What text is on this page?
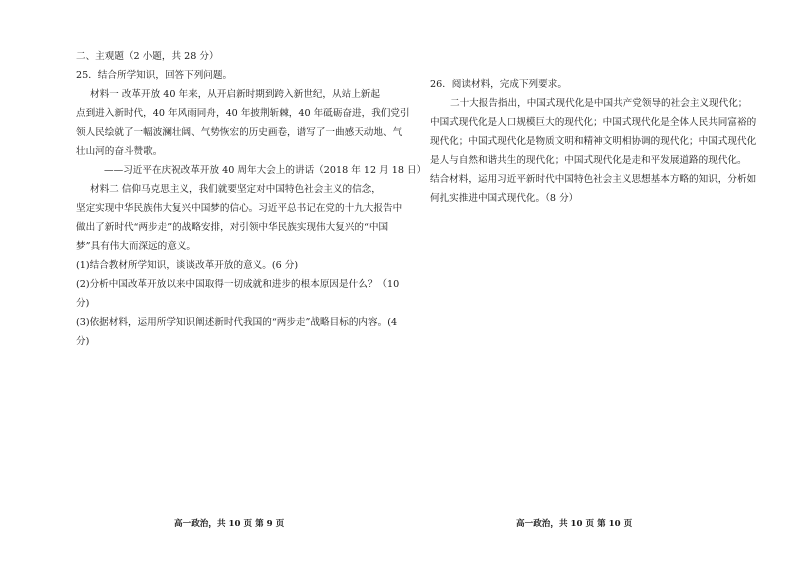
二、主观题（2 小题，共 28 分）
25．结合所学知识，回答下列问题。
材料一 改革开放 40 年来，从开启新时期到跨入新世纪，从站上新起
点到进入新时代，40 年风雨同舟，40 年披荆斩棘，40 年砥砺奋进，我们党引
领人民绘就了一幅波澜壮阔、气势恢宏的历史画卷，谱写了一曲感天动地、气
壮山河的奋斗赞歌。
——习近平在庆祝改革开放 40 周年大会上的讲话（2018 年 12 月 18 日）
材料二 信仰马克思主义，我们就要坚定对中国特色社会主义的信念，
坚定实现中华民族伟大复兴中国梦的信心。习近平总书记在党的十九大报告中
做出了新时代“两步走”的战略安排，对引领中华民族实现伟大复兴的“中国
梦”具有伟大而深远的意义。
(1)结合教材所学知识，谈谈改革开放的意义。(6 分)
(2)分析中国改革开放以来中国取得一切成就和进步的根本原因是什么？（10
分)
(3)依据材料，运用所学知识阐述新时代我国的“两步走”战略目标的内容。(4
分)
高一政治，共 10 页 第 9 页
26．阅读材料，完成下列要求。
二十大报告指出，中国式现代化是中国共产党领导的社会主义现代化；
中国式现代化是人口规模巨大的现代化；中国式现代化是全体人民共同富裕的
现代化；中国式现代化是物质文明和精神文明相协调的现代化；中国式现代化
是人与自然和谐共生的现代化；中国式现代化是走和平发展道路的现代化。
结合材料，运用习近平新时代中国特色社会主义思想基本方略的知识，分析如
何扎实推进中国式现代化。（8 分）
高一政治，共 10 页 第 10 页
